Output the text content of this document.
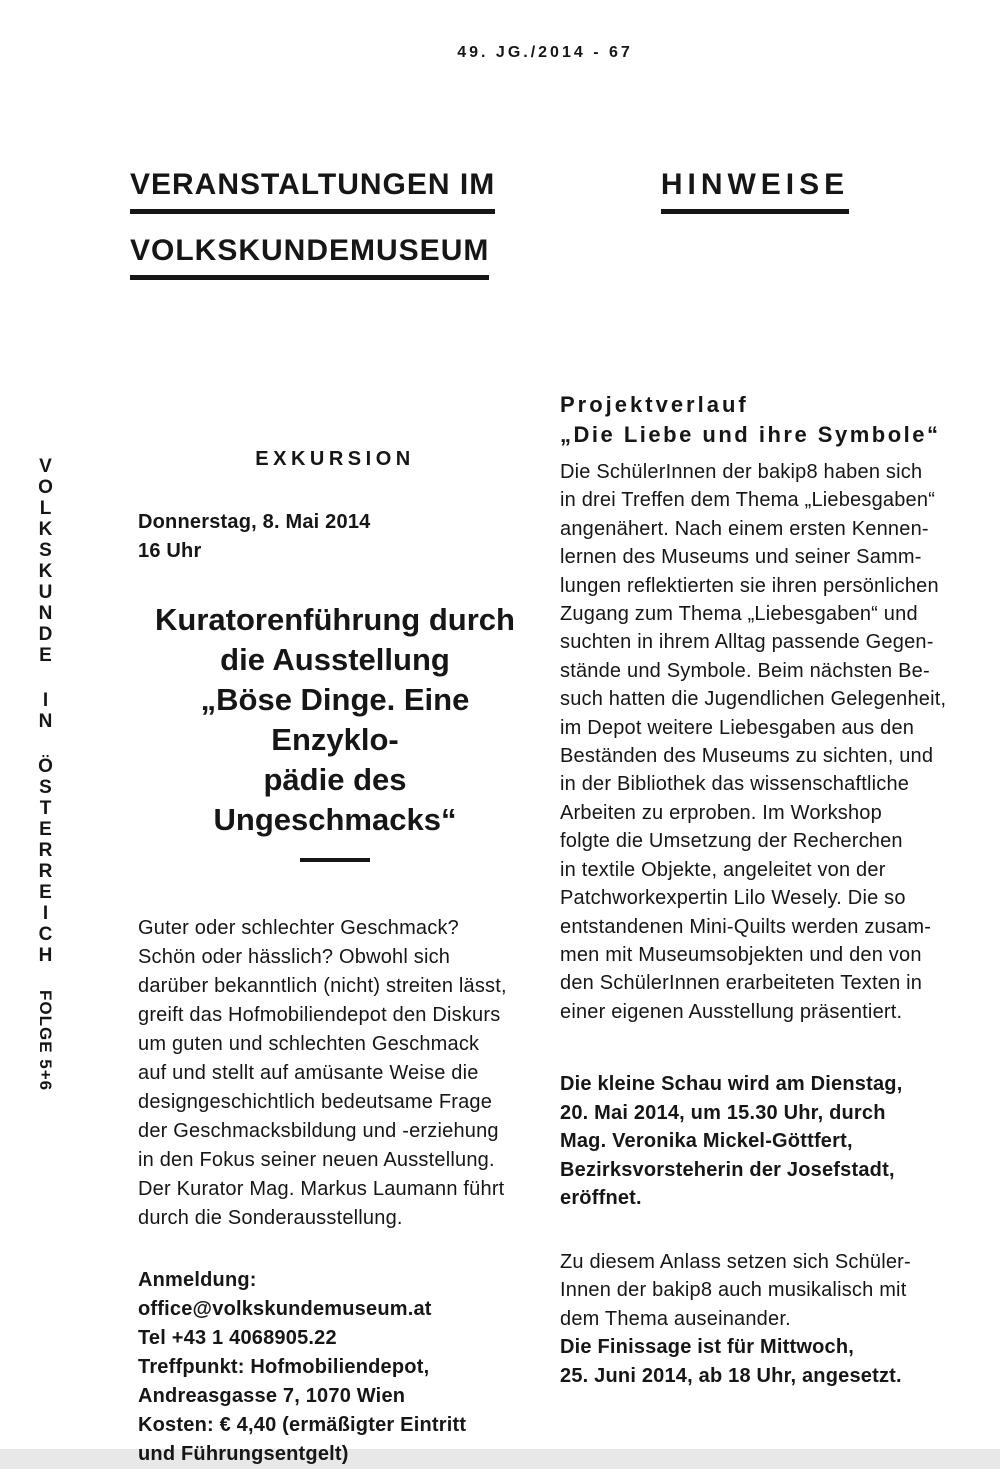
49. JG./2014 - 67
VOLKSKUNDE
IN
ÖSTERREICH
FOLGE 5+6
VERANSTALTUNGEN IM
VOLKSKUNDEMUSEUM
HINWEISE
EXKURSION
Donnerstag, 8. Mai 2014
16 Uhr
Kuratorenführung durch
die Ausstellung
„Böse Dinge. Eine Enzyklo-
pädie des Ungeschmacks“
Guter oder schlechter Geschmack?
Schön oder hässlich? Obwohl sich
darüber bekanntlich (nicht) streiten lässt,
greift das Hofmobiliendepot den Diskurs
um guten und schlechten Geschmack
auf und stellt auf amüsante Weise die
designgeschichtlich bedeutsame Frage
der Geschmacksbildung und -erziehung
in den Fokus seiner neuen Ausstellung.
Der Kurator Mag. Markus Laumann führt
durch die Sonderausstellung.
Anmeldung:
office@volkskundemuseum.at
Tel +43 1 4068905.22
Treffpunkt: Hofmobiliendepot,
Andreasgasse 7, 1070 Wien
Kosten: € 4,40 (ermäßigter Eintritt
und Führungsentgelt)
Projektverlauf
„Die Liebe und ihre Symbole“
Die SchülerInnen der bakip8 haben sich
in drei Treffen dem Thema „Liebesgaben“
angenähert. Nach einem ersten Kennen-
lernen des Museums und seiner Samm-
lungen reflektierten sie ihren persönlichen
Zugang zum Thema „Liebesgaben“ und
suchten in ihrem Alltag passende Gegen-
stände und Symbole. Beim nächsten Be-
such hatten die Jugendlichen Gelegenheit,
im Depot weitere Liebesgaben aus den
Beständen des Museums zu sichten, und
in der Bibliothek das wissenschaftliche
Arbeiten zu erproben. Im Workshop
folgte die Umsetzung der Recherchen
in textile Objekte, angeleitet von der
Patchworkexpertin Lilo Wesely. Die so
entstandenen Mini-Quilts werden zusam-
men mit Museumsobjekten und den von
den SchülerInnen erarbeiteten Texten in
einer eigenen Ausstellung präsentiert.
Die kleine Schau wird am Dienstag,
20. Mai 2014, um 15.30 Uhr, durch
Mag. Veronika Mickel-Göttfert,
Bezirksvorsteherin der Josefstadt,
eröffnet.
Zu diesem Anlass setzen sich Schüler-
Innen der bakip8 auch musikalisch mit
dem Thema auseinander.
Die Finissage ist für Mittwoch,
25. Juni 2014, ab 18 Uhr, angesetzt.
